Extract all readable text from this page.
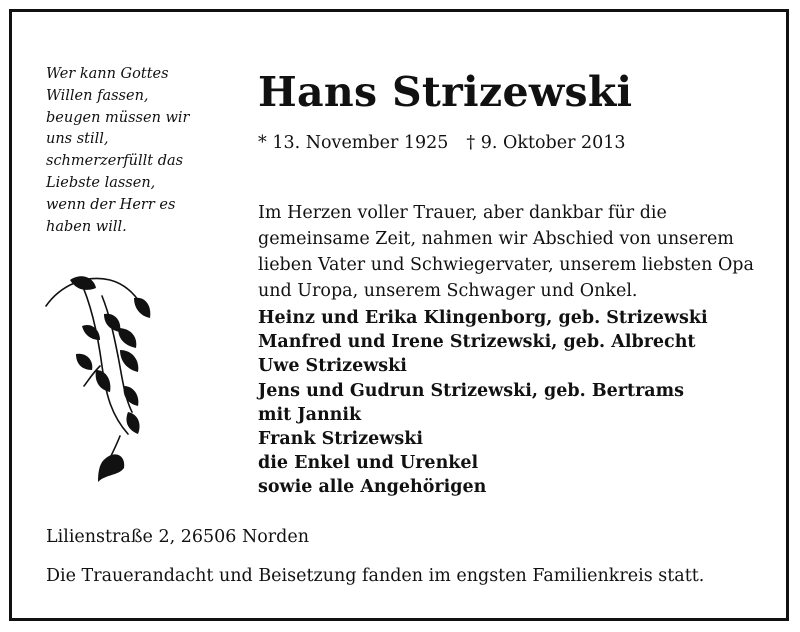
Wer kann Gottes
Willen fassen,
beugen müssen wir
uns still,
schmerzerfüllt das
Liebste lassen,
wenn der Herr es
haben will.
Hans Strizewski
* 13. November 1925 † 9. Oktober 2013
Im Herzen voller Trauer, aber dankbar für die
gemeinsame Zeit, nahmen wir Abschied von unserem
lieben Vater und Schwiegervater, unserem liebsten Opa
und Uropa, unserem Schwager und Onkel.
Heinz und Erika Klingenborg, geb. Strizewski
Manfred und Irene Strizewski, geb. Albrecht
Uwe Strizewski
Jens und Gudrun Strizewski, geb. Bertrams
mit Jannik
Frank Strizewski
die Enkel und Urenkel
sowie alle Angehörigen
Lilienstraße 2, 26506 Norden
Die Trauerandacht und Beisetzung fanden im engsten Familienkreis statt.
